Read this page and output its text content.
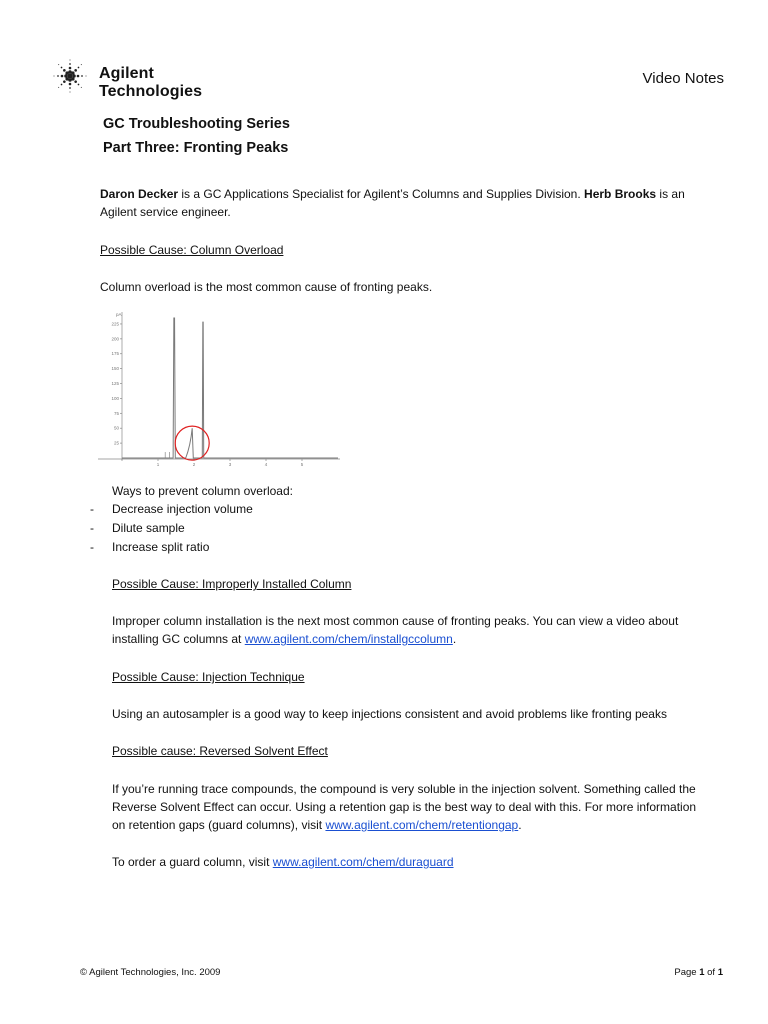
Agilent Technologies
Video Notes
GC Troubleshooting Series
Part Three: Fronting Peaks
Daron Decker is a GC Applications Specialist for Agilent’s Columns and Supplies Division. Herb Brooks is an Agilent service engineer.
Possible Cause: Column Overload
Column overload is the most common cause of fronting peaks.
pA
25
50
75
100
125
150
175
200
225
1	2	3	4	5
Ways to prevent column overload:
- Decrease injection volume
- Dilute sample
- Increase split ratio
Possible Cause: Improperly Installed Column
Improper column installation is the next most common cause of fronting peaks. You can view a video about
installing GC columns at www.agilent.com/chem/installgccolumn.
Possible Cause: Injection Technique
Using an autosampler is a good way to keep injections consistent and avoid problems like fronting peaks
Possible cause: Reversed Solvent Effect
If you’re running trace compounds, the compound is very soluble in the injection solvent. Something called the
Reverse Solvent Effect can occur. Using a retention gap is the best way to deal with this. For more information
on retention gaps (guard columns), visit www.agilent.com/chem/retentiongap.
To order a guard column, visit www.agilent.com/chem/duraguard
© Agilent Technologies, Inc. 2009	Page 1 of 1
